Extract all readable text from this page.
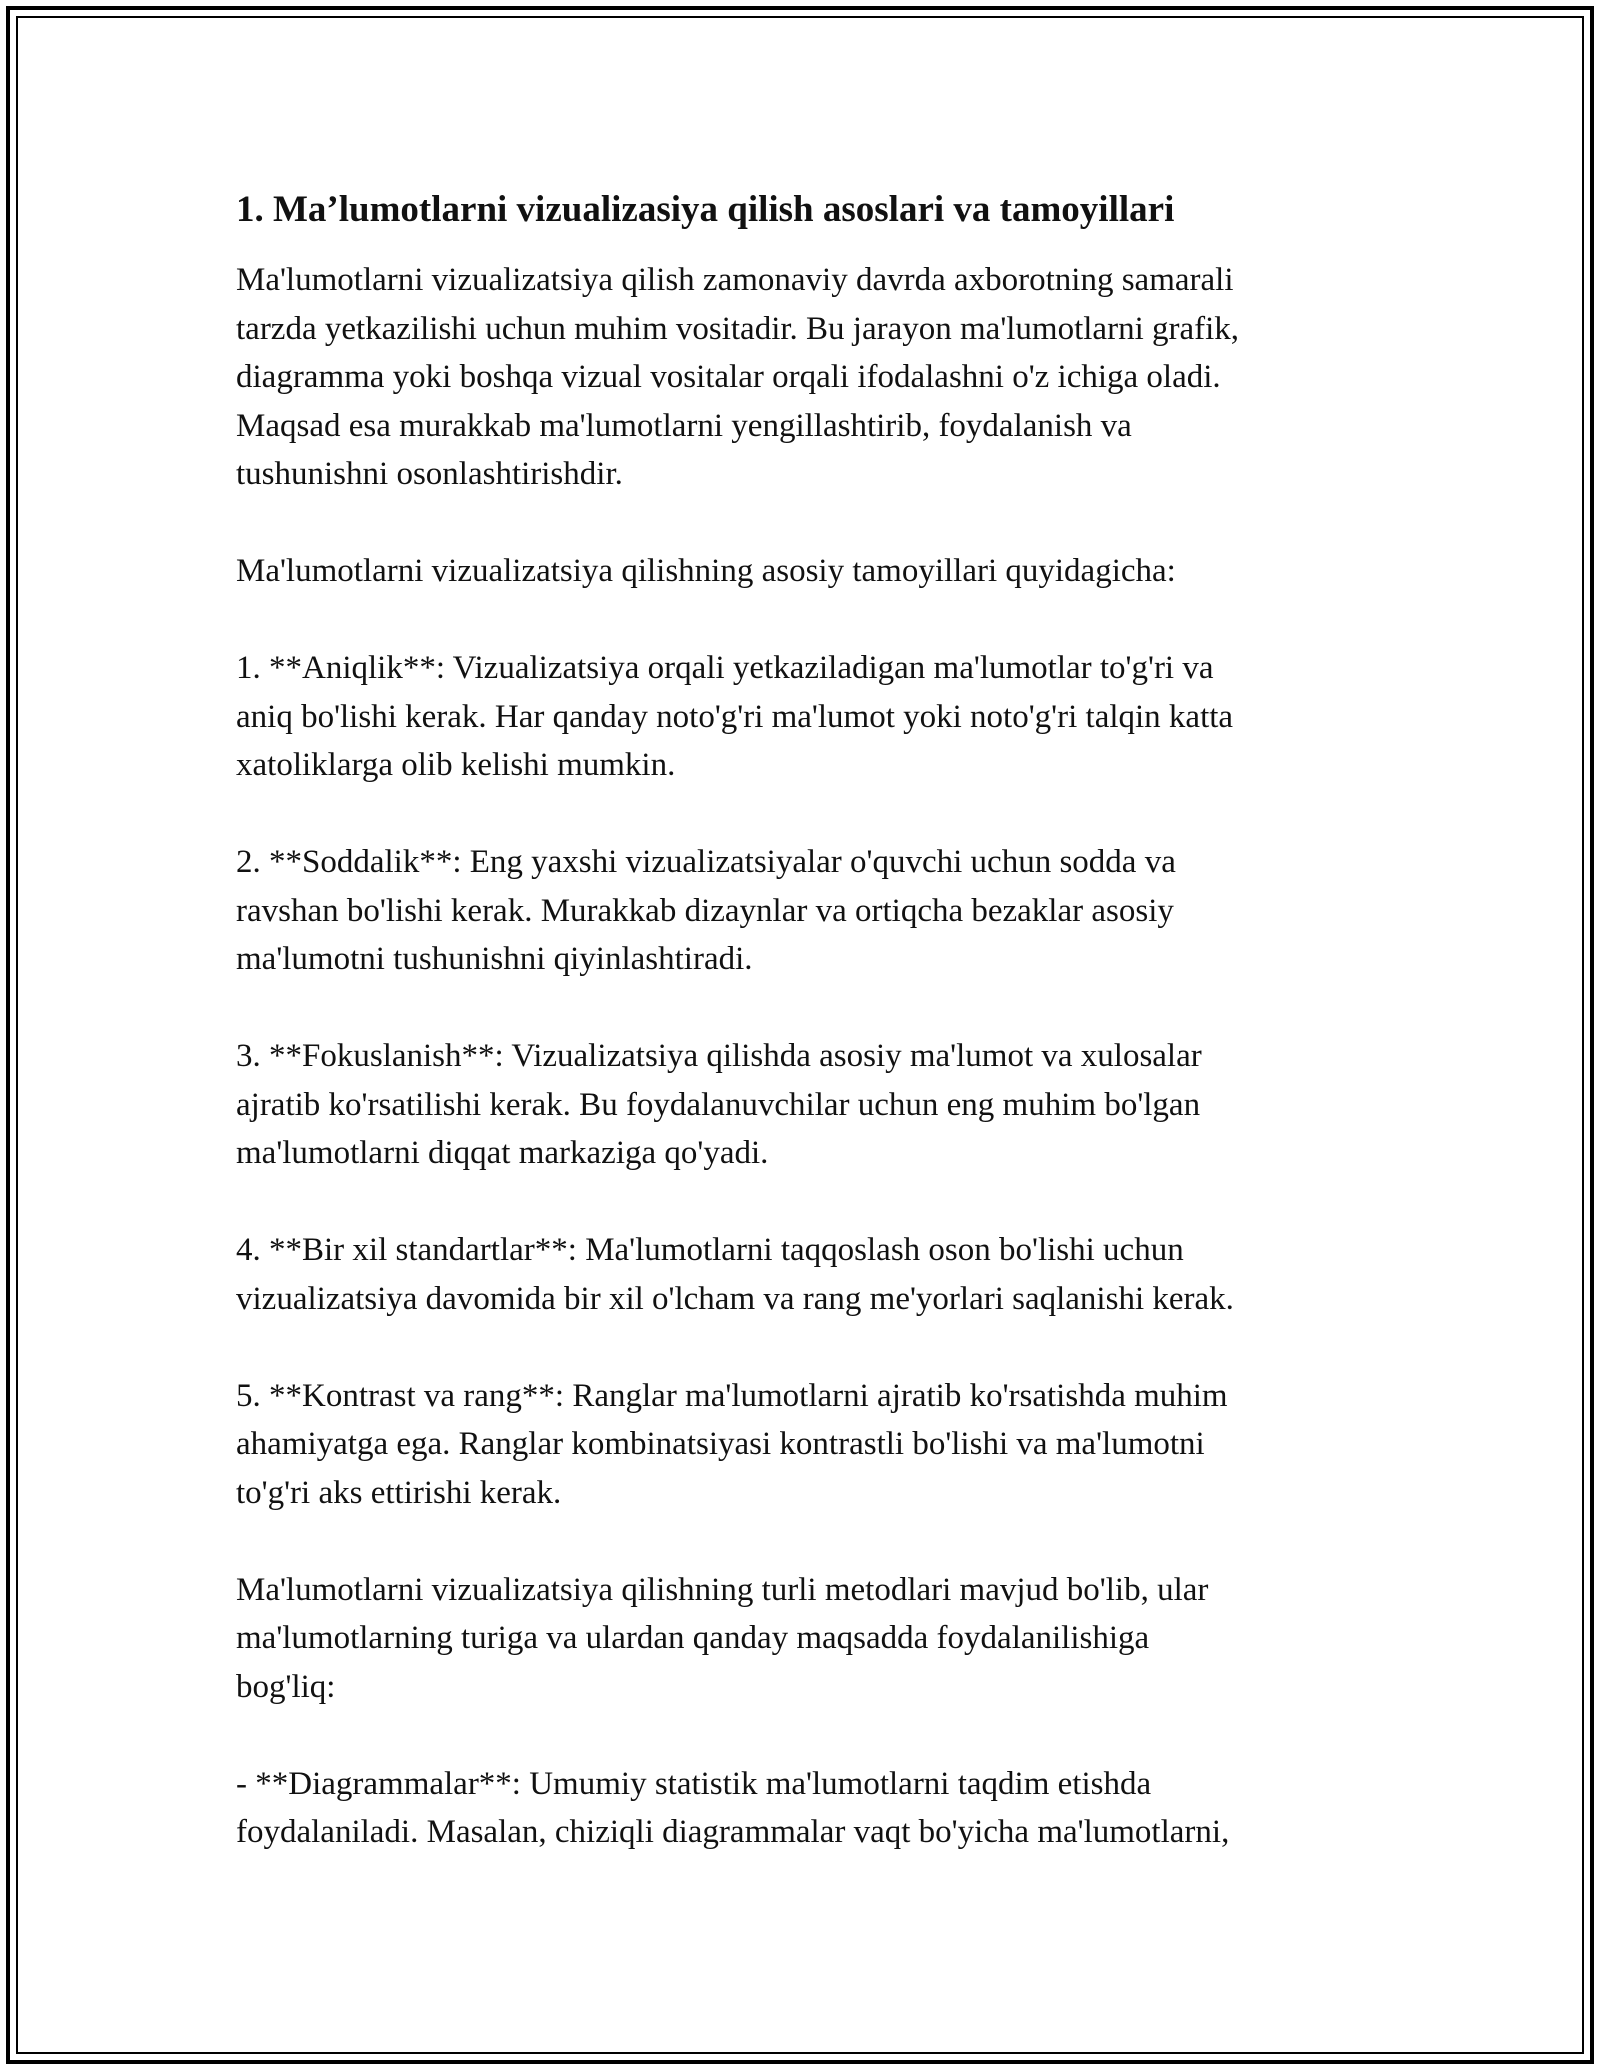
1. Ma’lumotlarni vizualizasiya qilish asoslari va tamoyillari

Ma'lumotlarni vizualizatsiya qilish zamonaviy davrda axborotning samarali
tarzda yetkazilishi uchun muhim vositadir. Bu jarayon ma'lumotlarni grafik,
diagramma yoki boshqa vizual vositalar orqali ifodalashni o'z ichiga oladi.
Maqsad esa murakkab ma'lumotlarni yengillashtirib, foydalanish va
tushunishni osonlashtirishdir.

Ma'lumotlarni vizualizatsiya qilishning asosiy tamoyillari quyidagicha:

1. **Aniqlik**: Vizualizatsiya orqali yetkaziladigan ma'lumotlar to'g'ri va
aniq bo'lishi kerak. Har qanday noto'g'ri ma'lumot yoki noto'g'ri talqin katta
xatoliklarga olib kelishi mumkin.

2. **Soddalik**: Eng yaxshi vizualizatsiyalar o'quvchi uchun sodda va
ravshan bo'lishi kerak. Murakkab dizaynlar va ortiqcha bezaklar asosiy
ma'lumotni tushunishni qiyinlashtiradi.

3. **Fokuslanish**: Vizualizatsiya qilishda asosiy ma'lumot va xulosalar
ajratib ko'rsatilishi kerak. Bu foydalanuvchilar uchun eng muhim bo'lgan
ma'lumotlarni diqqat markaziga qo'yadi.

4. **Bir xil standartlar**: Ma'lumotlarni taqqoslash oson bo'lishi uchun
vizualizatsiya davomida bir xil o'lcham va rang me'yorlari saqlanishi kerak.

5. **Kontrast va rang**: Ranglar ma'lumotlarni ajratib ko'rsatishda muhim
ahamiyatga ega. Ranglar kombinatsiyasi kontrastli bo'lishi va ma'lumotni
to'g'ri aks ettirishi kerak.

Ma'lumotlarni vizualizatsiya qilishning turli metodlari mavjud bo'lib, ular
ma'lumotlarning turiga va ulardan qanday maqsadda foydalanilishiga
bog'liq:

- **Diagrammalar**: Umumiy statistik ma'lumotlarni taqdim etishda
foydalaniladi. Masalan, chiziqli diagrammalar vaqt bo'yicha ma'lumotlarni,
